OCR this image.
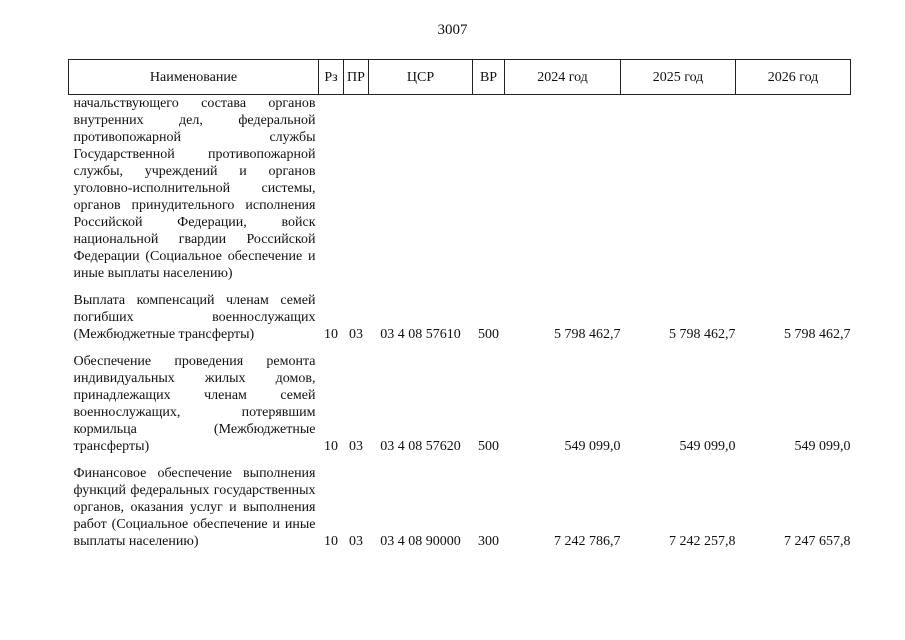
3007
Наименование	Рз	ПР	ЦСР	ВР	2024 год	2025 год	2026 год
начальствующего состава органов внутренних дел, федеральной противопожарной службы Государственной противопожарной службы, учреждений и органов уголовно-исполнительной системы, органов принудительного исполнения Российской Федерации, войск национальной гвардии Российской Федерации (Социальное обеспечение и иные выплаты населению)							

Выплата компенсаций членам семей погибших военнослужащих (Межбюджетные трансферты)	10	03	03 4 08 57610	500	5 798 462,7	5 798 462,7	5 798 462,7

Обеспечение проведения ремонта индивидуальных жилых домов, принадлежащих членам семей военнослужащих, потерявшим кормильца (Межбюджетные трансферты)	10	03	03 4 08 57620	500	549 099,0	549 099,0	549 099,0

Финансовое обеспечение выполнения функций федеральных государственных органов, оказания услуг и выполнения работ (Социальное обеспечение и иные выплаты населению)	10	03	03 4 08 90000	300	7 242 786,7	7 242 257,8	7 247 657,8
